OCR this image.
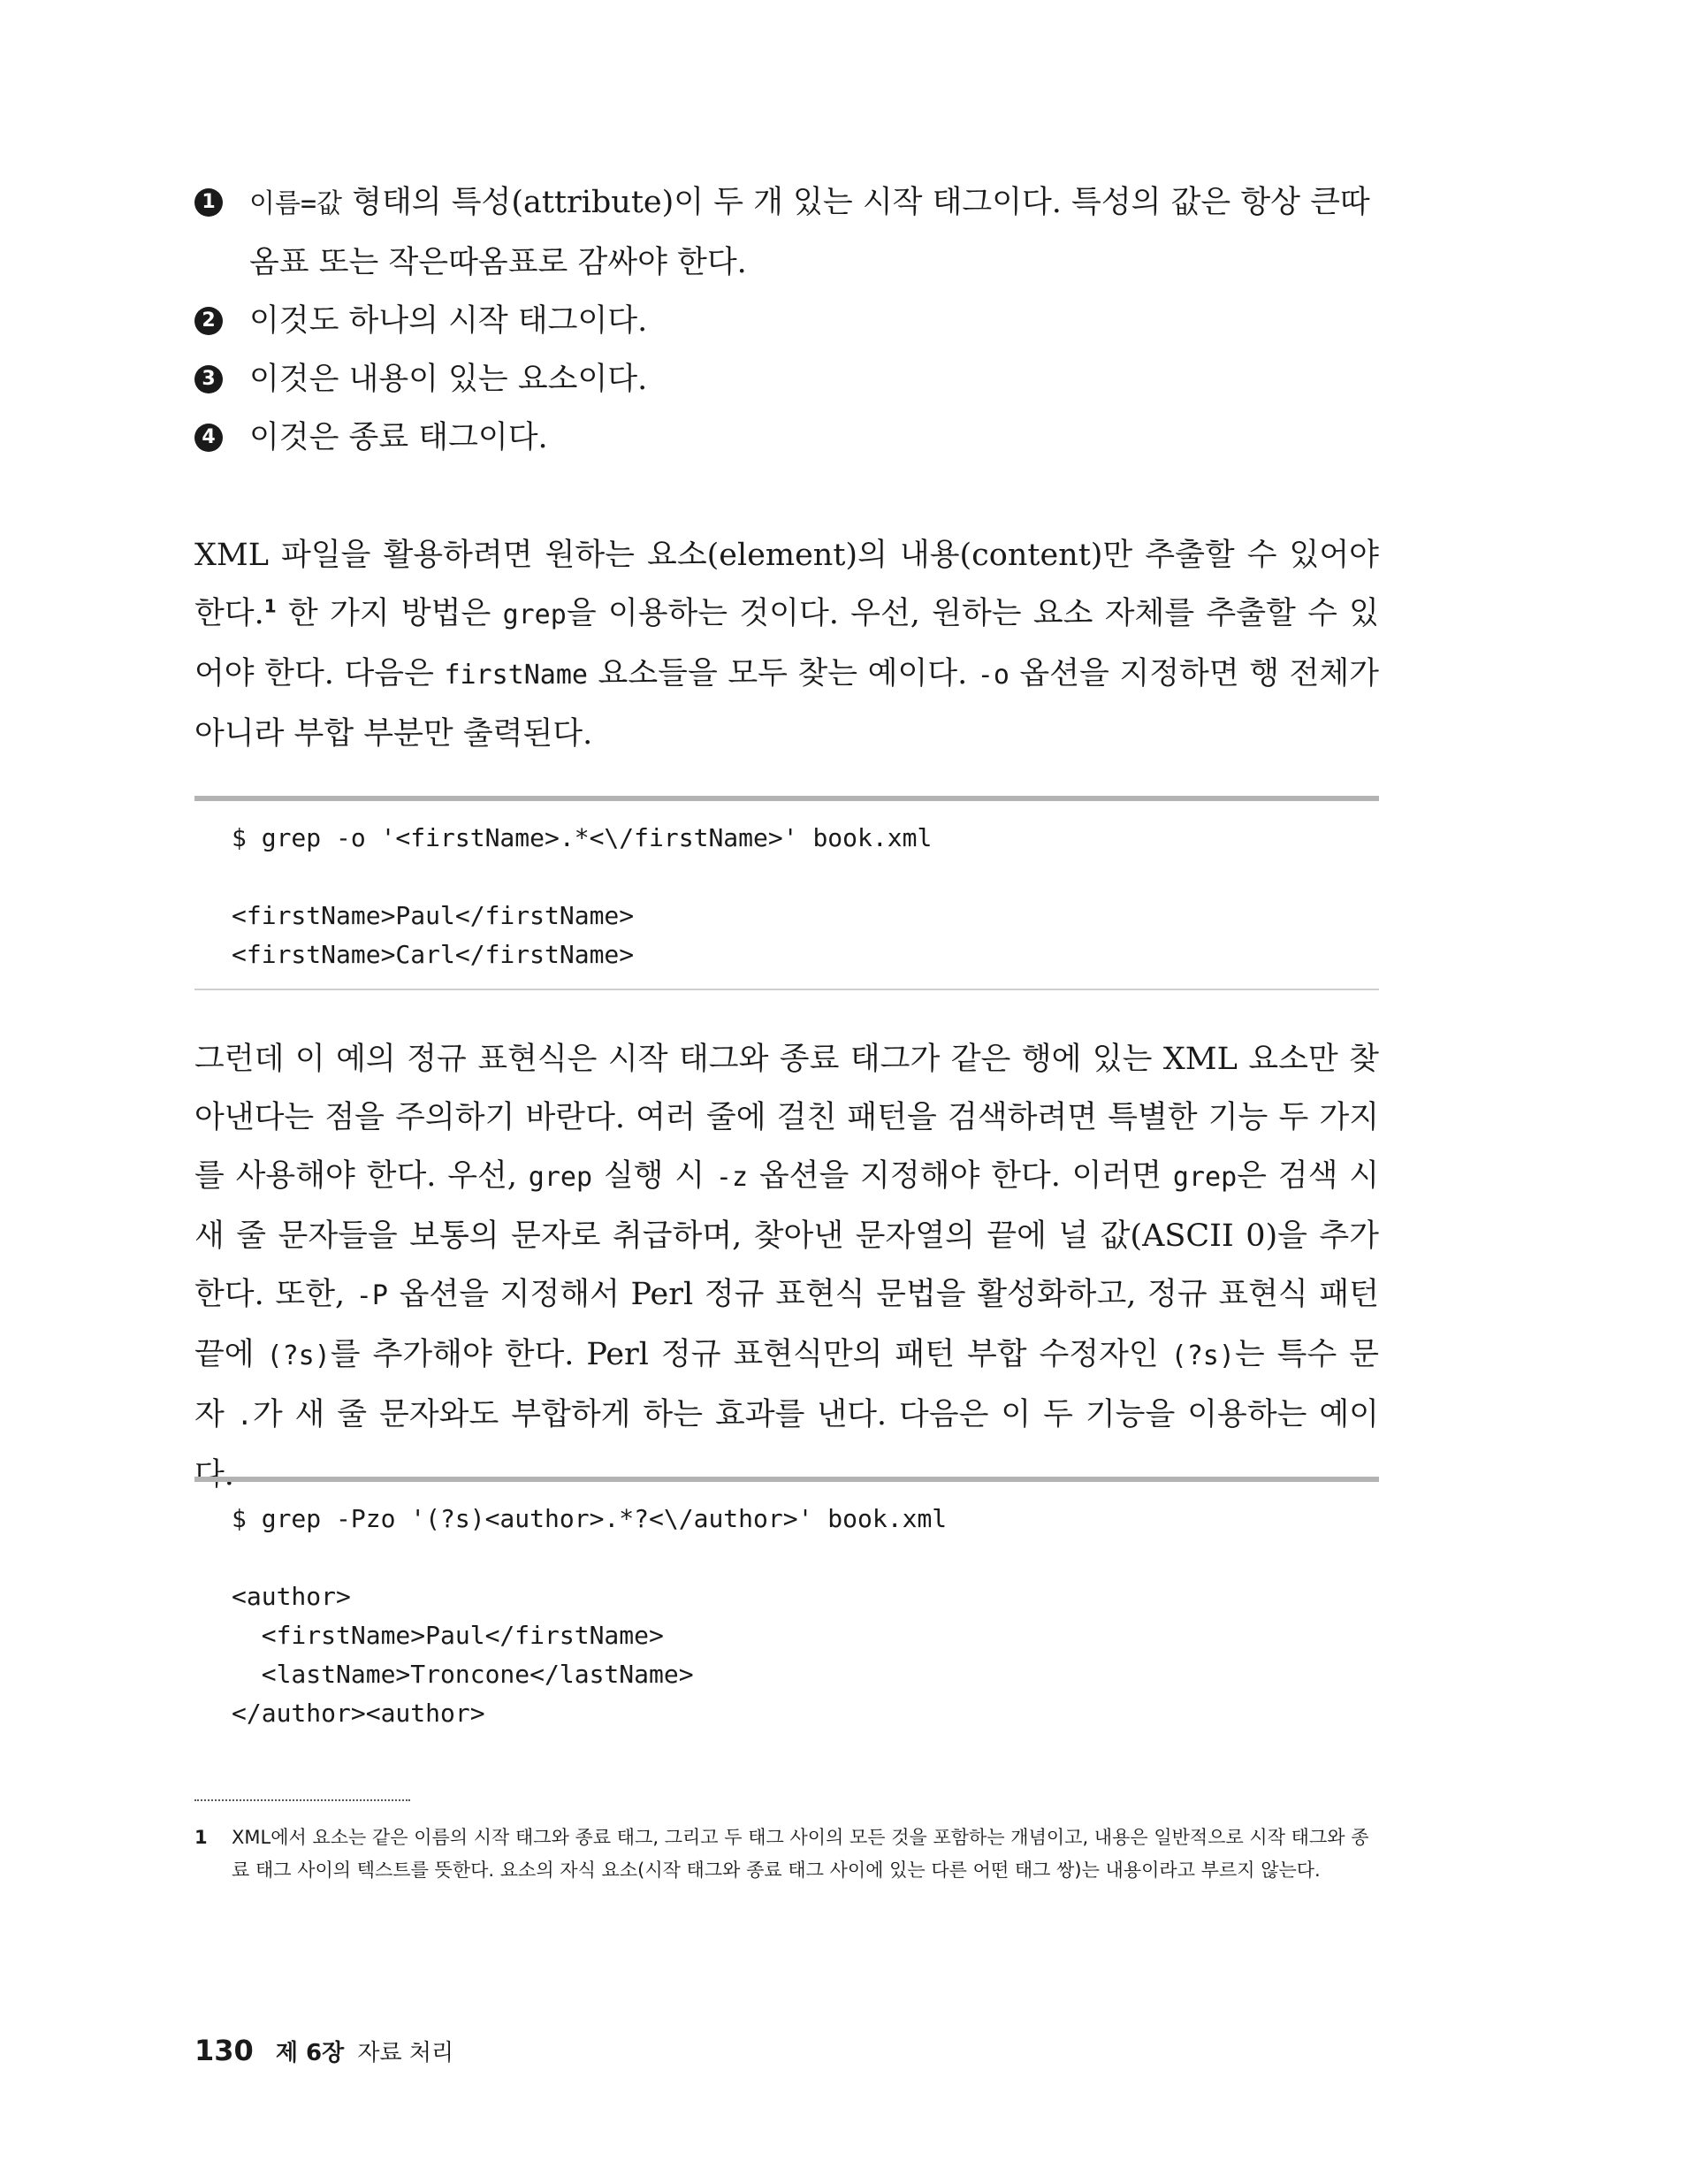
1 이름=값 형태의 특성(attribute)이 두 개 있는 시작 태그이다. 특성의 값은 항상 큰따옴표 또는 작은따옴표로 감싸야 한다.
2 이것도 하나의 시작 태그이다.
3 이것은 내용이 있는 요소이다.
4 이것은 종료 태그이다.

XML 파일을 활용하려면 원하는 요소(element)의 내용(content)만 추출할 수 있어야 한다.$^1$ 한 가지 방법은 grep을 이용하는 것이다. 우선, 원하는 요소 자체를 추출할 수 있어야 한다. 다음은 firstName 요소들을 모두 찾는 예이다. -o 옵션을 지정하면 행 전체가 아니라 부합 부분만 출력된다.

$ grep -o '<firstName>.*<\/firstName>' book.xml

<firstName>Paul</firstName>
<firstName>Carl</firstName>

그런데 이 예의 정규 표현식은 시작 태그와 종료 태그가 같은 행에 있는 XML 요소만 찾아낸다는 점을 주의하기 바란다. 여러 줄에 걸친 패턴을 검색하려면 특별한 기능 두 가지를 사용해야 한다. 우선, grep 실행 시 -z 옵션을 지정해야 한다. 이러면 grep은 검색 시 새 줄 문자들을 보통의 문자로 취급하며, 찾아낸 문자열의 끝에 널 값(ASCII 0)을 추가한다. 또한, -P 옵션을 지정해서 Perl 정규 표현식 문법을 활성화하고, 정규 표현식 패턴 끝에 (?s)를 추가해야 한다. Perl 정규 표현식만의 패턴 부합 수정자인 (?s)는 특수 문자 .가 새 줄 문자와도 부합하게 하는 효과를 낸다. 다음은 이 두 기능을 이용하는 예이다.

$ grep -Pzo '(?s)<author>.*?<\/author>' book.xml

<author>
<firstName>Paul</firstName>
<lastName>Troncone</lastName>
</author><author>
1	XML에서 요소는 같은 이름의 시작 태그와 종료 태그, 그리고 두 태그 사이의 모든 것을 포함하는 개념이고, 내용은 일반적으로 시작 태그와 종료 태그 사이의 텍스트를 뜻한다. 요소의 자식 요소(시작 태그와 종료 태그 사이에 있는 다른 어떤 태그 쌍)는 내용이라고 부르지 않는다.
130 제 6장 자료 처리
